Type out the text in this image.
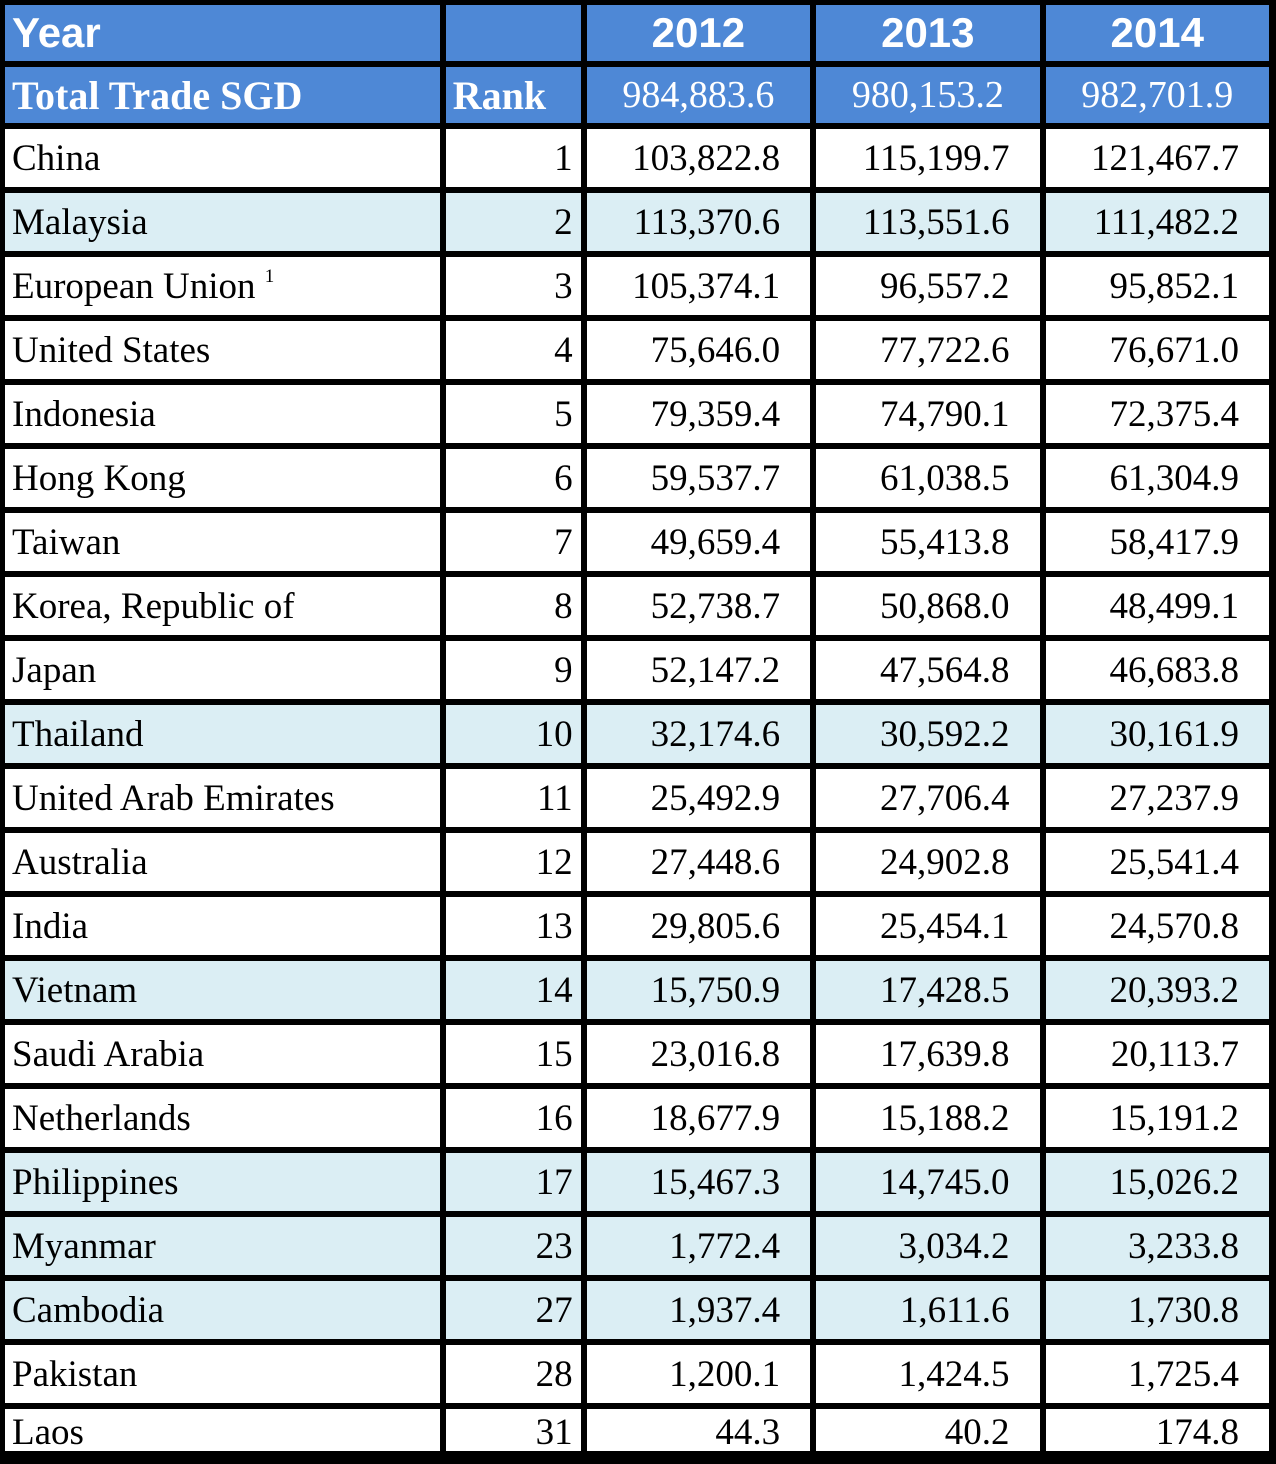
Year		2012	2013	2014
Total Trade SGD	Rank	984,883.6	980,153.2	982,701.9
China	1	103,822.8	115,199.7	121,467.7
Malaysia	2	113,370.6	113,551.6	111,482.2
European Union $^1$	3	105,374.1	96,557.2	95,852.1
United States	4	75,646.0	77,722.6	76,671.0
Indonesia	5	79,359.4	74,790.1	72,375.4
Hong Kong	6	59,537.7	61,038.5	61,304.9
Taiwan	7	49,659.4	55,413.8	58,417.9
Korea, Republic of	8	52,738.7	50,868.0	48,499.1
Japan	9	52,147.2	47,564.8	46,683.8
Thailand	10	32,174.6	30,592.2	30,161.9
United Arab Emirates	11	25,492.9	27,706.4	27,237.9
Australia	12	27,448.6	24,902.8	25,541.4
India	13	29,805.6	25,454.1	24,570.8
Vietnam	14	15,750.9	17,428.5	20,393.2
Saudi Arabia	15	23,016.8	17,639.8	20,113.7
Netherlands	16	18,677.9	15,188.2	15,191.2
Philippines	17	15,467.3	14,745.0	15,026.2
Myanmar	23	1,772.4	3,034.2	3,233.8
Cambodia	27	1,937.4	1,611.6	1,730.8
Pakistan	28	1,200.1	1,424.5	1,725.4
Laos	31	44.3	40.2	174.8
